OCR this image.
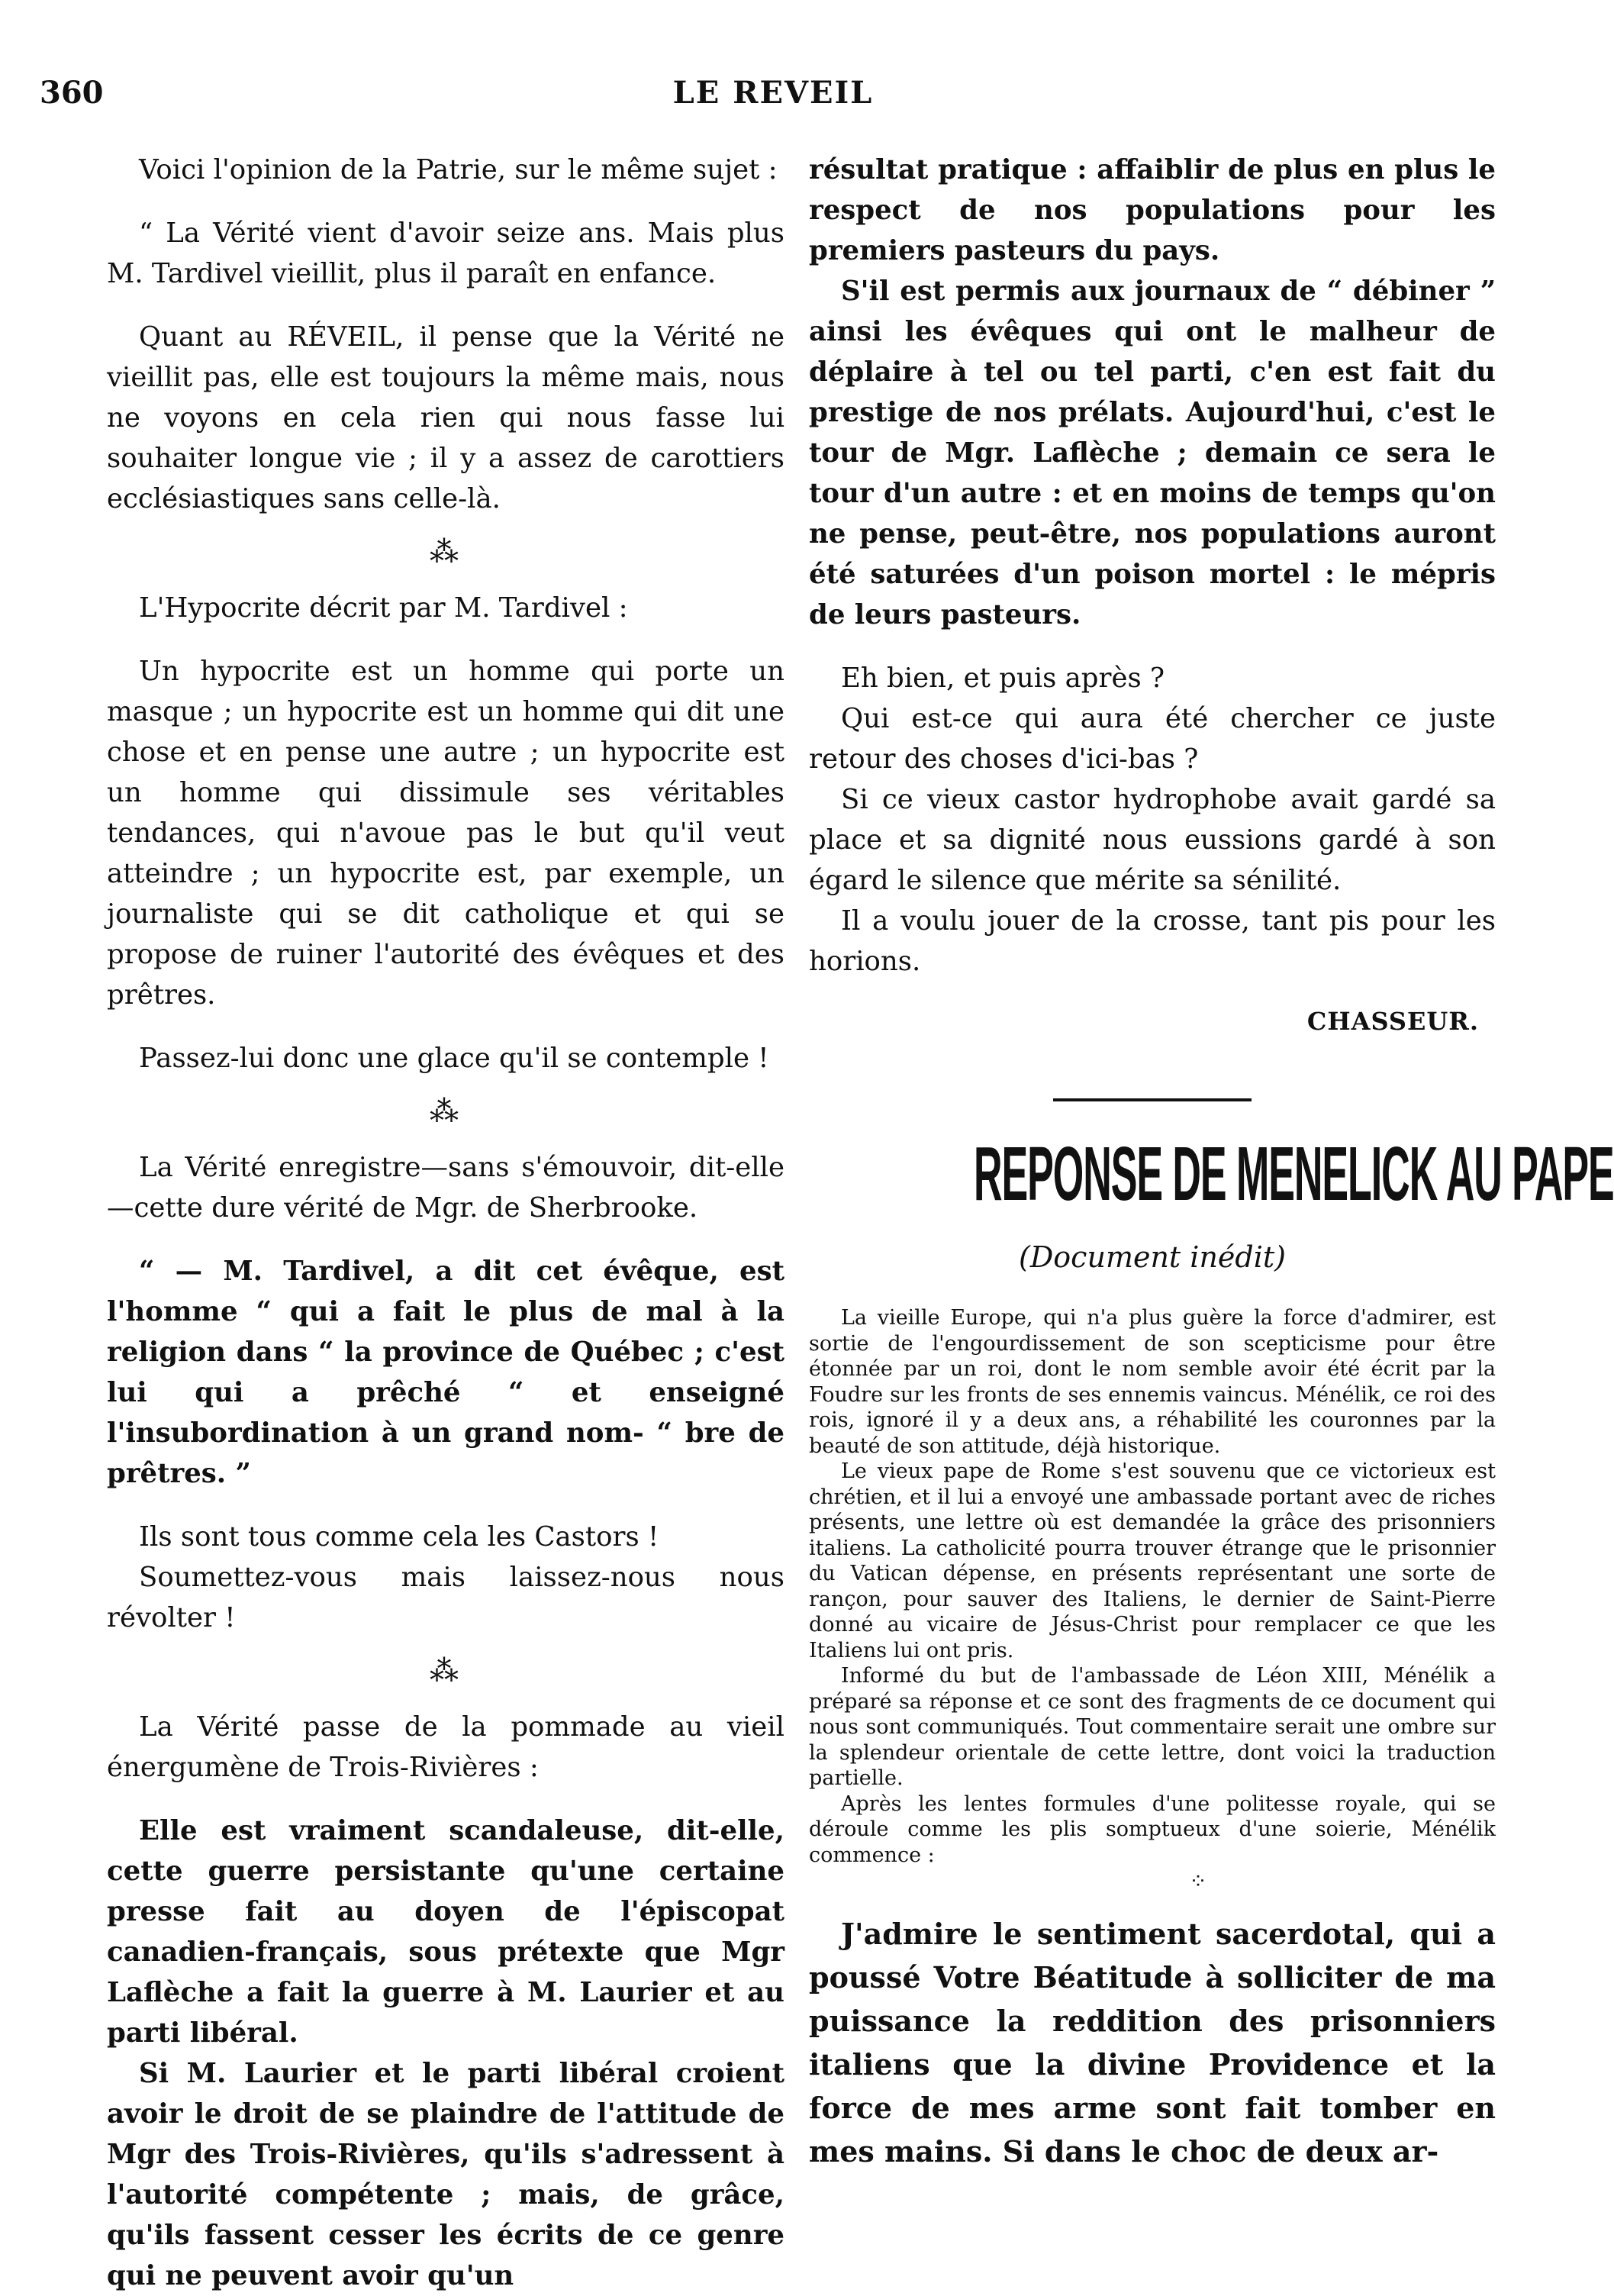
360	LE REVEIL

Voici l'opinion de la Patrie, sur le même sujet :

“ La Vérité vient d'avoir seize ans. Mais plus M. Tardivel vieillit, plus il paraît en enfance.

Quant au RÉVEIL, il pense que la Vérité ne vieillit pas, elle est toujours la même mais, nous ne voyons en cela rien qui nous fasse lui souhaiter longue vie ; il y a assez de carottiers ecclésiastiques sans celle-là.

⁂

L'Hypocrite décrit par M. Tardivel :

Un hypocrite est un homme qui porte un masque ; un hypocrite est un homme qui dit une chose et en pense une autre ; un hypocrite est un homme qui dissimule ses véritables tendances, qui n'avoue pas le but qu'il veut atteindre ; un hypocrite est, par exemple, un journaliste qui se dit catholique et qui se propose de ruiner l'autorité des évêques et des prêtres.

Passez-lui donc une glace qu'il se contemple !

⁂

La Vérité enregistre—sans s'émouvoir, dit-elle —cette dure vérité de Mgr. de Sherbrooke.

“ — M. Tardivel, a dit cet évêque, est l'homme “ qui a fait le plus de mal à la religion dans “ la province de Québec ; c'est lui qui a prêché “ et enseigné l'insubordination à un grand nom- “ bre de prêtres. ”

Ils sont tous comme cela les Castors !

Soumettez-vous mais laissez-nous nous révolter !

⁂

La Vérité passe de la pommade au vieil énergumène de Trois-Rivières :

Elle est vraiment scandaleuse, dit-elle, cette guerre persistante qu'une certaine presse fait au doyen de l'épiscopat canadien-français, sous prétexte que Mgr Laflèche a fait la guerre à M. Laurier et au parti libéral.

Si M. Laurier et le parti libéral croient avoir le droit de se plaindre de l'attitude de Mgr des Trois-Rivières, qu'ils s'adressent à l'autorité compétente ; mais, de grâce, qu'ils fassent cesser les écrits de ce genre qui ne peuvent avoir qu'un

résultat pratique : affaiblir de plus en plus le respect de nos populations pour les premiers pasteurs du pays.

S'il est permis aux journaux de “ débiner ” ainsi les évêques qui ont le malheur de déplaire à tel ou tel parti, c'en est fait du prestige de nos prélats. Aujourd'hui, c'est le tour de Mgr. Laflèche ; demain ce sera le tour d'un autre : et en moins de temps qu'on ne pense, peut-être, nos populations auront été saturées d'un poison mortel : le mépris de leurs pasteurs.

Eh bien, et puis après ?

Qui est-ce qui aura été chercher ce juste retour des choses d'ici-bas ?

Si ce vieux castor hydrophobe avait gardé sa place et sa dignité nous eussions gardé à son égard le silence que mérite sa sénilité.

Il a voulu jouer de la crosse, tant pis pour les horions.

CHASSEUR.

REPONSE DE MENELICK AU PAPE

(Document inédit)

La vieille Europe, qui n'a plus guère la force d'admirer, est sortie de l'engourdissement de son scepticisme pour être étonnée par un roi, dont le nom semble avoir été écrit par la Foudre sur les fronts de ses ennemis vaincus. Ménélik, ce roi des rois, ignoré il y a deux ans, a réhabilité les couronnes par la beauté de son attitude, déjà historique.

Le vieux pape de Rome s'est souvenu que ce victorieux est chrétien, et il lui a envoyé une ambassade portant avec de riches présents, une lettre où est demandée la grâce des prisonniers italiens. La catholicité pourra trouver étrange que le prisonnier du Vatican dépense, en présents représentant une sorte de rançon, pour sauver des Italiens, le dernier de Saint-Pierre donné au vicaire de Jésus-Christ pour remplacer ce que les Italiens lui ont pris.

Informé du but de l'ambassade de Léon XIII, Ménélik a préparé sa réponse et ce sont des fragments de ce document qui nous sont communiqués. Tout commentaire serait une ombre sur la splendeur orientale de cette lettre, dont voici la traduction partielle.

Après les lentes formules d'une politesse royale, qui se déroule comme les plis somptueux d'une soierie, Ménélik commence :

⁘

J'admire le sentiment sacerdotal, qui a poussé Votre Béatitude à solliciter de ma puissance la reddition des prisonniers italiens que la divine Providence et la force de mes arme sont fait tomber en mes mains. Si dans le choc de deux ar-
